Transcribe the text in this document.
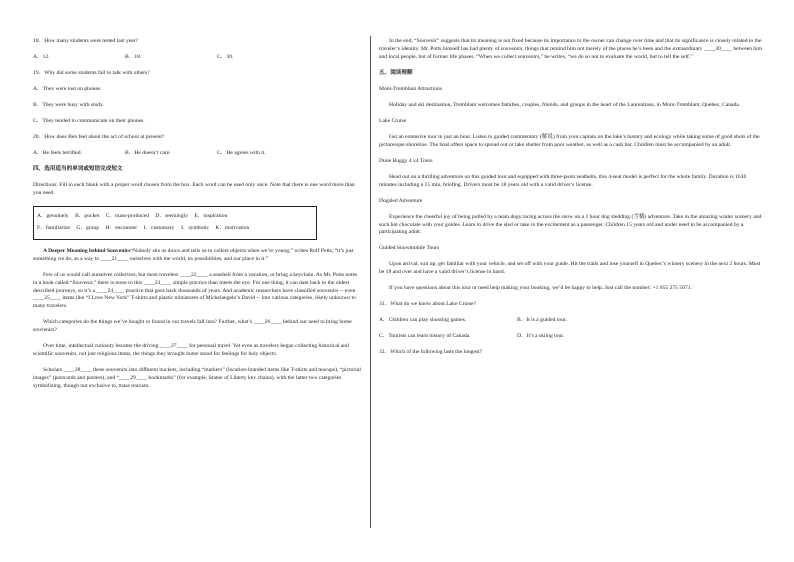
18．How many students were tested last year?

A．12.	B．18.	C．30.

19．Why did some students fail to talk with others?

A．They were lost on phones.

B．They were busy with study.

C．They tended to communicate on their phones.

20．How does Ben feel about the act of school at present?

A．He feels terrified.	B．He doesn’t care.	C．He agrees with it.

四、选用适当的单词或短语完成短文

Directions: Fill in each blank with a proper word chosen from the box. Each word can be used only once. Note that there is one word more than you need.

A．genuinely B．pocket C．mass-produced D．seemingly E．inspiration
F．familiarize G．group H．encounter I．customary J．symbolic K．motivation

A Deeper Meaning behind Souvenirs“Nobody sits us down and tells us to collect objects when we’re young,” writes Rolf Potts, “it’s just something we do, as a way to ____21____ ourselves with the world, its possibilities, and our place in it.”

Few of us would call ourselves collectors, but most travelers ____22____ a seashell from a vacation, or bring a keychain. As Mr. Potts notes in a book called “Souvenir,” there is more to this ____23____ simple practice than meets the eye. For one thing, it can date back to the oldest described journeys, so it’s a ____24____ practice that goes back thousands of years. And academic researchers have classified souvenirs -- even ____25____ items like “I Love New York” T-shirts and plastic miniatures of Michelangelo’s David -- into various categories, likely unknown to many travelers.

Which categories do the things we’ve bought or found in our travels fall into? Further, what’s ____26____ behind our need to bring home souvenirs?

Over time, intellectual curiosity became the driving ____27____ for personal travel. Yet even as travelers began collecting historical and scientific souvenirs, not just religious items, the things they brought home stood for feelings for holy objects.

Scholars ____28____ these souvenirs into different buckets, including “markers” (location-branded items like T-shirts and teacups), “pictorial images” (postcards and posters), and “____29____ bookmarks” (for example, Statue of Liberty key chains), with the latter two categories symbolizing, though not exclusive to, mass tourism.

In the end, “Souvenir” suggests that its meaning is not fixed because its importance to the owner can change over time and that its significance is closely related to the traveler’s identity. Mr. Potts himself has had plenty of souvenirs, things that remind him not merely of the places he’s been and the extraordinary ____30____ between him and local people, but of former life phases. “When we collect souvenirs,” he writes, “we do so not to evaluate the world, but to tell the self.”

五、阅读理解

Mont-Tremblant Attractions

Holiday and ski destination, Tremblant welcomes families, couples, friends, and groups in the heart of the Laurentians, in Mont-Tremblant, Quebec, Canada.

Lake Cruise

Get an extensive tour in just an hour. Listen to guided commentary (解说) from your captain on the lake’s history and ecology while taking some of good shots of the picturesque shoreline. The boat offers space to spread out or take shelter from poor weather, as well as a cash bar. Children must be accompanied by an adult.

Dune Buggy 4 x4 Tours

Head out on a thrilling adventure on this guided tour and equipped with three-point seatbelts, this 4-seat model is perfect for the whole family. Duration is 1h30 minutes including a 15 min, briefing. Drivers must be 18 years old with a valid driver’s license.

Dogsled Adventure

Experience the cheerful joy of being pulled by a team dogs racing across the snow on a 1 hour dog sledding (雪橇) adventure. Take in the amazing winter scenery and such hot chocolate with your guides. Learn to drive the sled or take in the excitement as a passenger. Children 15 years old and under need to be accompanied by a participating adult.

Guided Snowmobile Tours

Upon arrival, suit up, get familiar with your vehicle, and set off with your guide. Hit the trails and lose yourself in Quebec’s wintery scenery in the next 2 hours. Must be 18 and over and have a valid driver’s license in hand.

If you have questions about this tour or need help making your booking, we’d be happy to help. Just call the number: +1 855 275 5071.

31．What do we know about Lake Cruise?

A．Children can play shooting games.	B．It is a guided tour.
C．Tourists can learn history of Canada.	D．It’s a skiing tour.

32．Which of the following lasts the longest?
